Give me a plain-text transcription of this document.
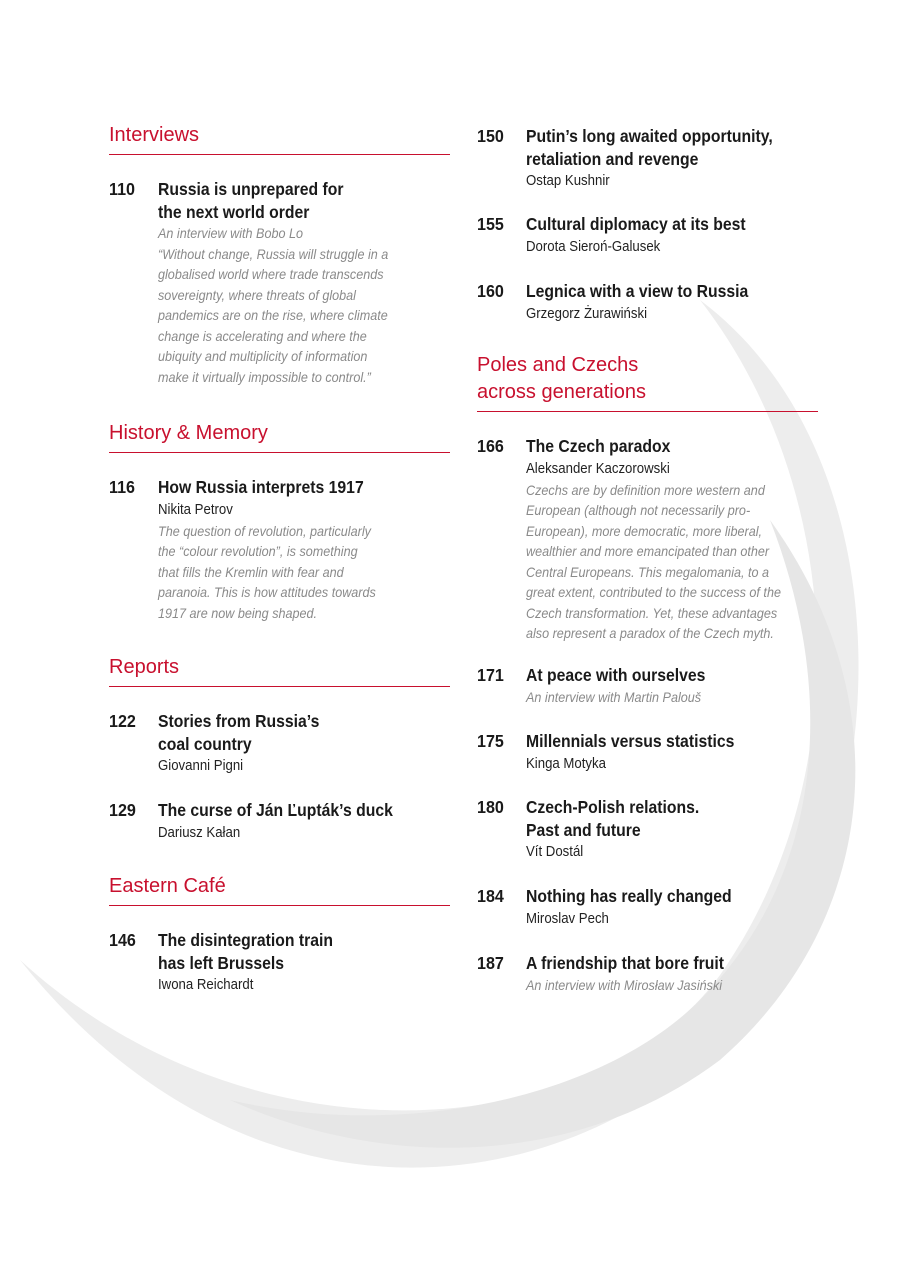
Interviews
110 Russia is unprepared for
the next world order
An interview with Bobo Lo
“Without change, Russia will struggle in a
globalised world where trade transcends
sovereignty, where threats of global
pandemics are on the rise, where climate
change is accelerating and where the
ubiquity and multiplicity of information
make it virtually impossible to control.”
History & Memory
116 How Russia interprets 1917
Nikita Petrov
The question of revolution, particularly
the “colour revolution”, is something
that fills the Kremlin with fear and
paranoia. This is how attitudes towards
1917 are now being shaped.
Reports
122 Stories from Russia’s
coal country
Giovanni Pigni
129 The curse of Ján Ľupták’s duck
Dariusz Kałan
Eastern Café
146 The disintegration train
has left Brussels
Iwona Reichardt
150 Putin’s long awaited opportunity,
retaliation and revenge
Ostap Kushnir
155 Cultural diplomacy at its best
Dorota Sieroń-Galusek
160 Legnica with a view to Russia
Grzegorz Żurawiński
Poles and Czechs
across generations
166 The Czech paradox
Aleksander Kaczorowski
Czechs are by definition more western and
European (although not necessarily pro-
European), more democratic, more liberal,
wealthier and more emancipated than other
Central Europeans. This megalomania, to a
great extent, contributed to the success of the
Czech transformation. Yet, these advantages
also represent a paradox of the Czech myth.
171 At peace with ourselves
An interview with Martin Palouš
175 Millennials versus statistics
Kinga Motyka
180 Czech-Polish relations.
Past and future
Vít Dostál
184 Nothing has really changed
Miroslav Pech
187 A friendship that bore fruit
An interview with Mirosław Jasiński
